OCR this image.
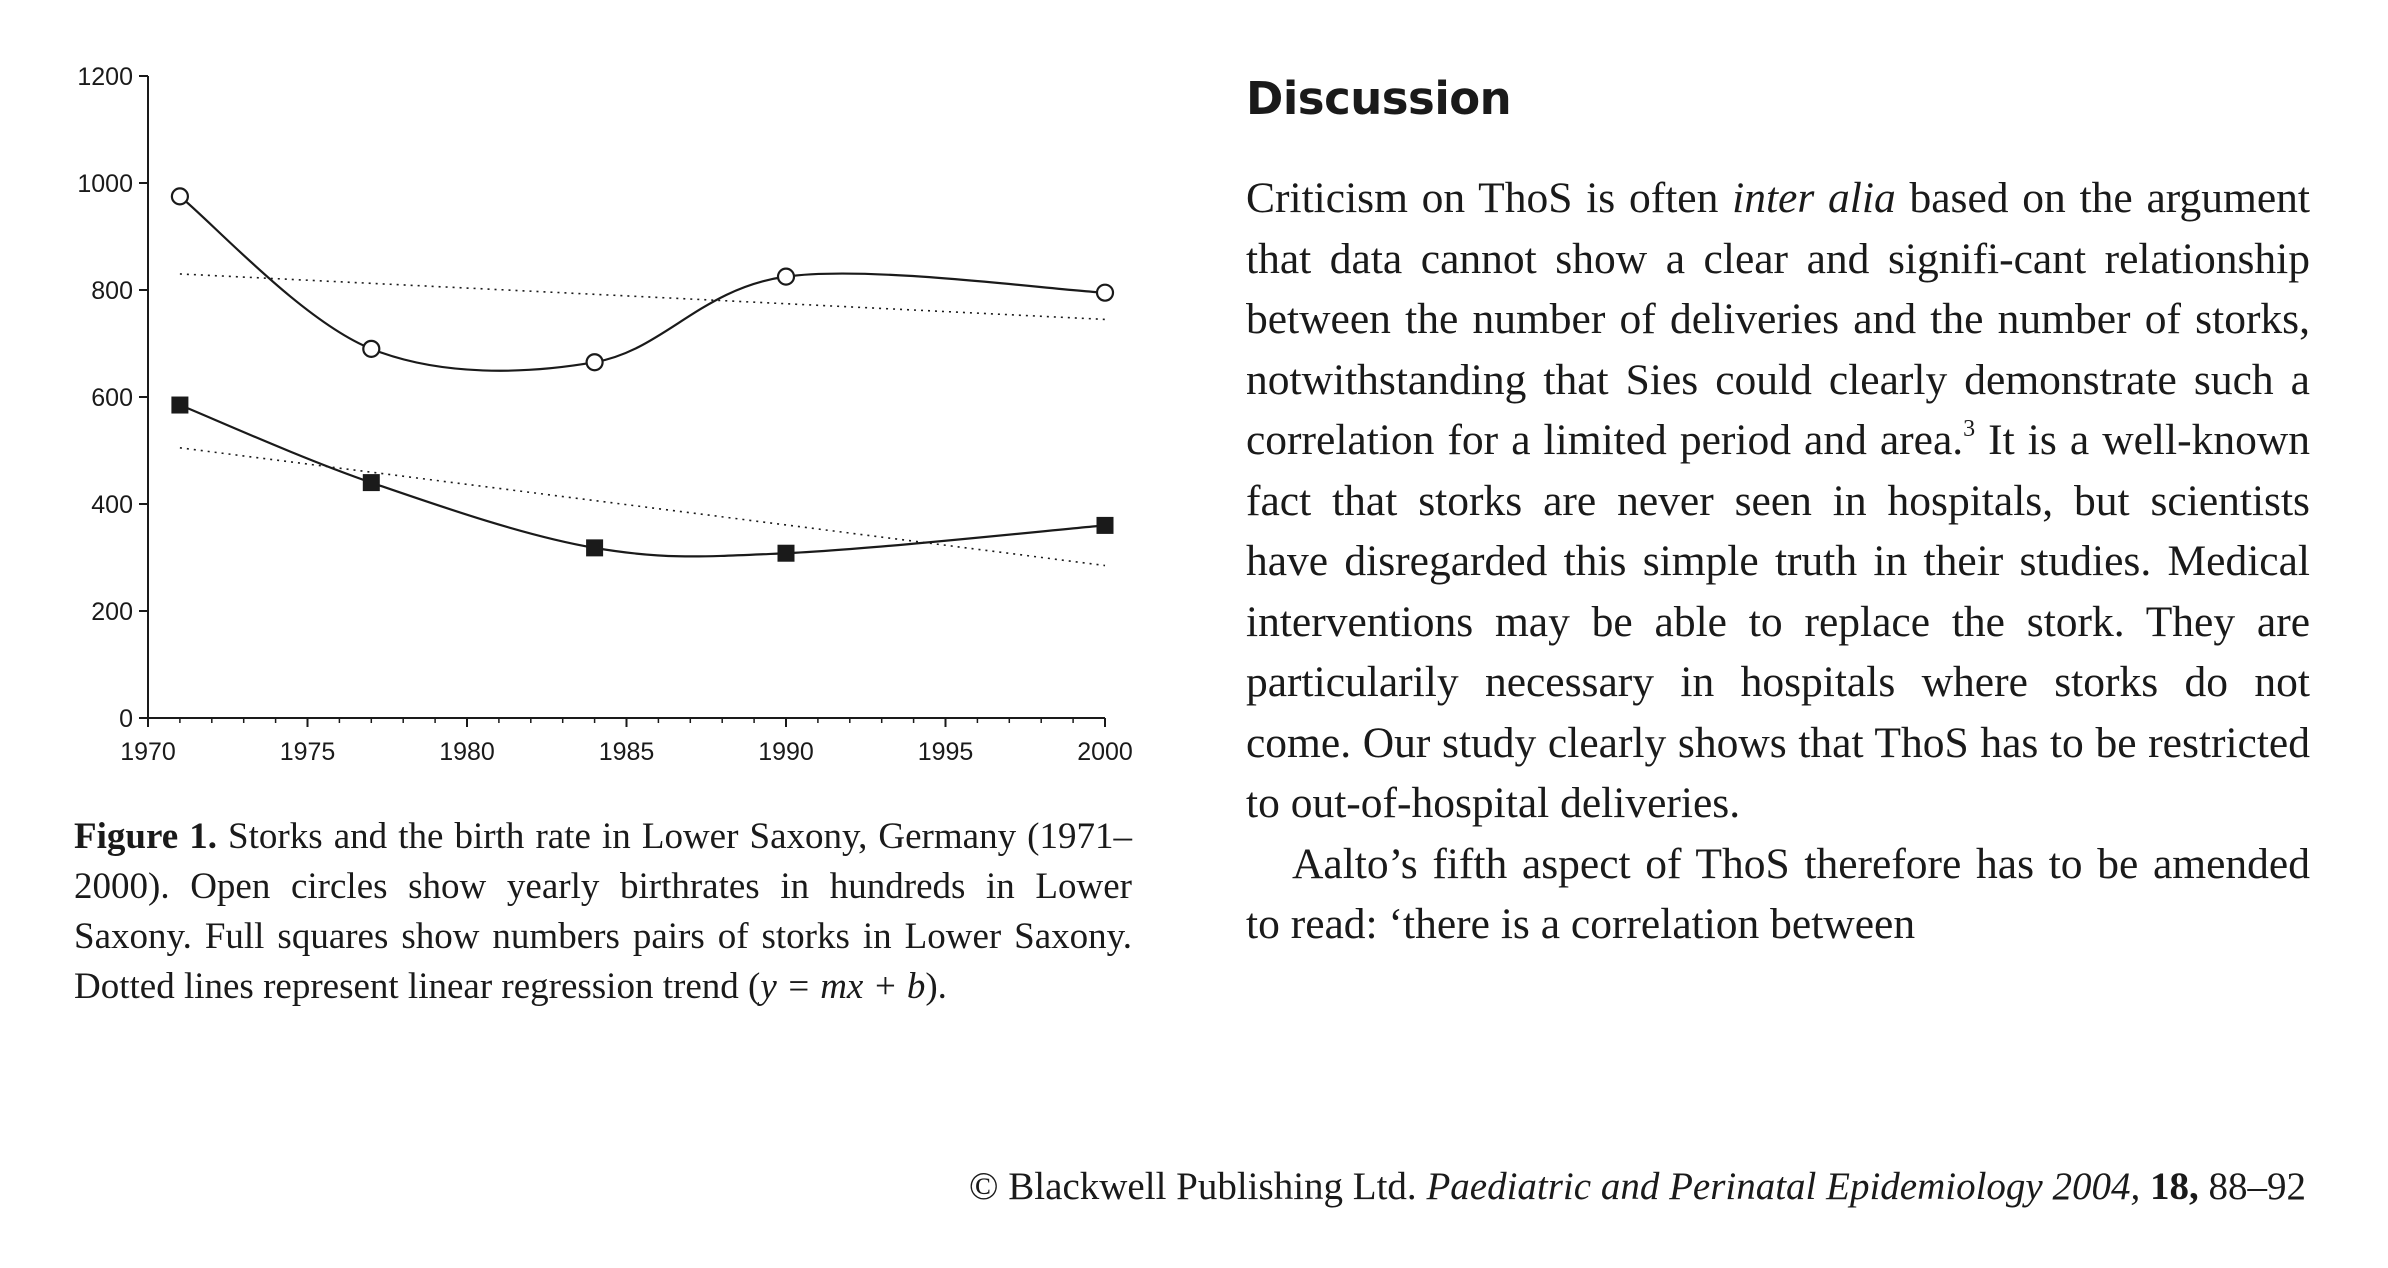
1970	1975	1980	1985	1990	1995	2000
0
200
400
600
800
1000
1200
Figure 1. Storks and the birth rate in Lower Saxony, Germany (1971–2000). Open circles show yearly birthrates in hundreds in Lower Saxony. Full squares show numbers pairs of storks in Lower Saxony. Dotted lines represent linear regression trend (y = mx + b).
Discussion

Criticism on ThoS is often inter alia based on the argument that data cannot show a clear and signifi-cant relationship between the number of deliveries and the number of storks, notwithstanding that Sies could clearly demonstrate such a correlation for a limited period and area.$^3$ It is a well-known fact that storks are never seen in hospitals, but scientists have disregarded this simple truth in their studies. Medical interventions may be able to replace the stork. They are particularily necessary in hospitals where storks do not come. Our study clearly shows that ThoS has to be restricted to out-of-hospital deliveries.

Aalto’s fifth aspect of ThoS therefore has to be amended to read: ‘there is a correlation between

© Blackwell Publishing Ltd. Paediatric and Perinatal Epidemiology 2004, 18, 88–92
